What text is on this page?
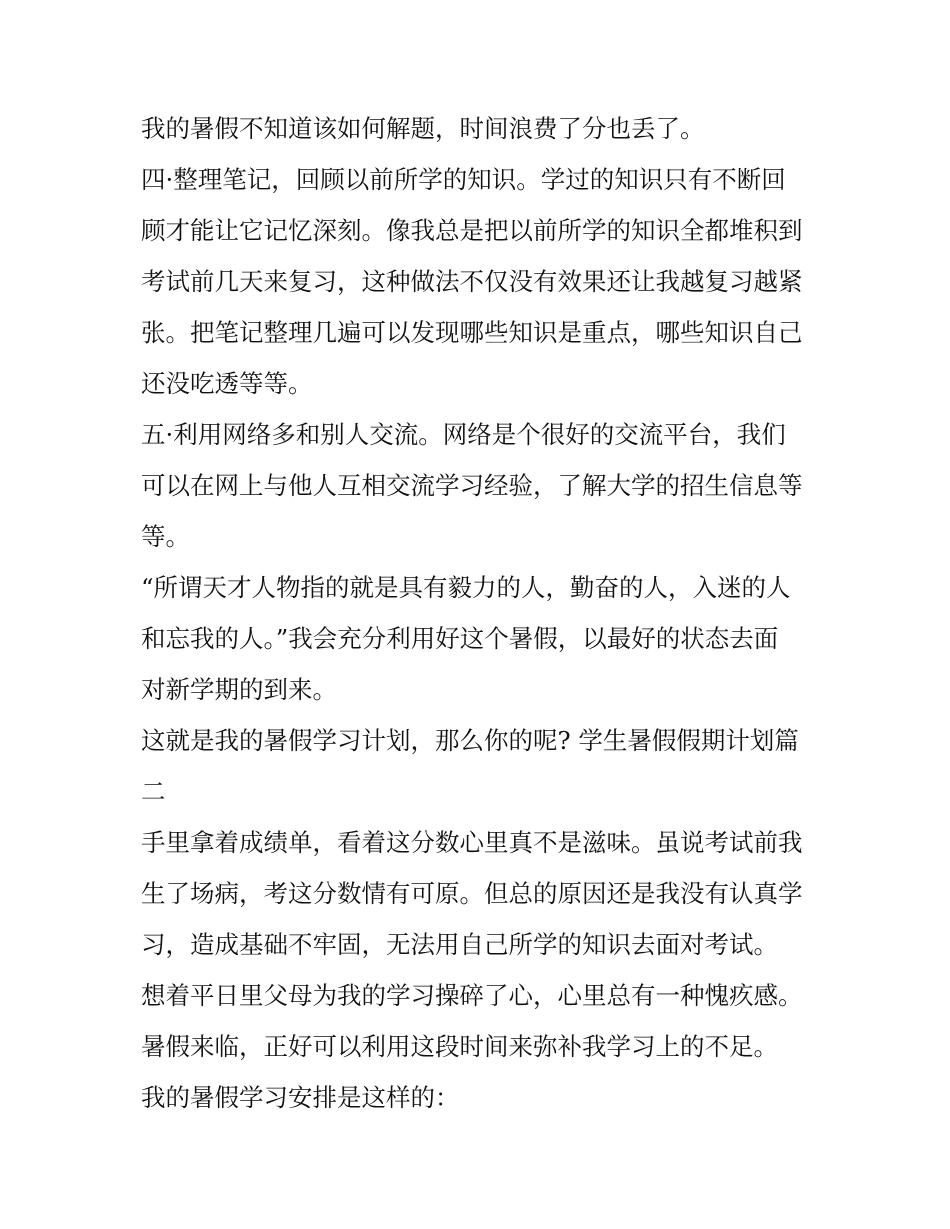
我的暑假不知道该如何解题，时间浪费了分也丢了。
四·整理笔记，回顾以前所学的知识。学过的知识只有不断回
顾才能让它记忆深刻。像我总是把以前所学的知识全都堆积到
考试前几天来复习，这种做法不仅没有效果还让我越复习越紧
张。把笔记整理几遍可以发现哪些知识是重点，哪些知识自己
还没吃透等等。
五·利用网络多和别人交流。网络是个很好的交流平台，我们
可以在网上与他人互相交流学习经验，了解大学的招生信息等
等。
“所谓天才人物指的就是具有毅力的人，勤奋的人，入迷的人
和忘我的人。”我会充分利用好这个暑假，以最好的状态去面
对新学期的到来。
这就是我的暑假学习计划，那么你的呢? 学生暑假假期计划篇
二
手里拿着成绩单，看着这分数心里真不是滋味。虽说考试前我
生了场病，考这分数情有可原。但总的原因还是我没有认真学
习，造成基础不牢固，无法用自己所学的知识去面对考试。
想着平日里父母为我的学习操碎了心，心里总有一种愧疚感。
暑假来临，正好可以利用这段时间来弥补我学习上的不足。
我的暑假学习安排是这样的：
